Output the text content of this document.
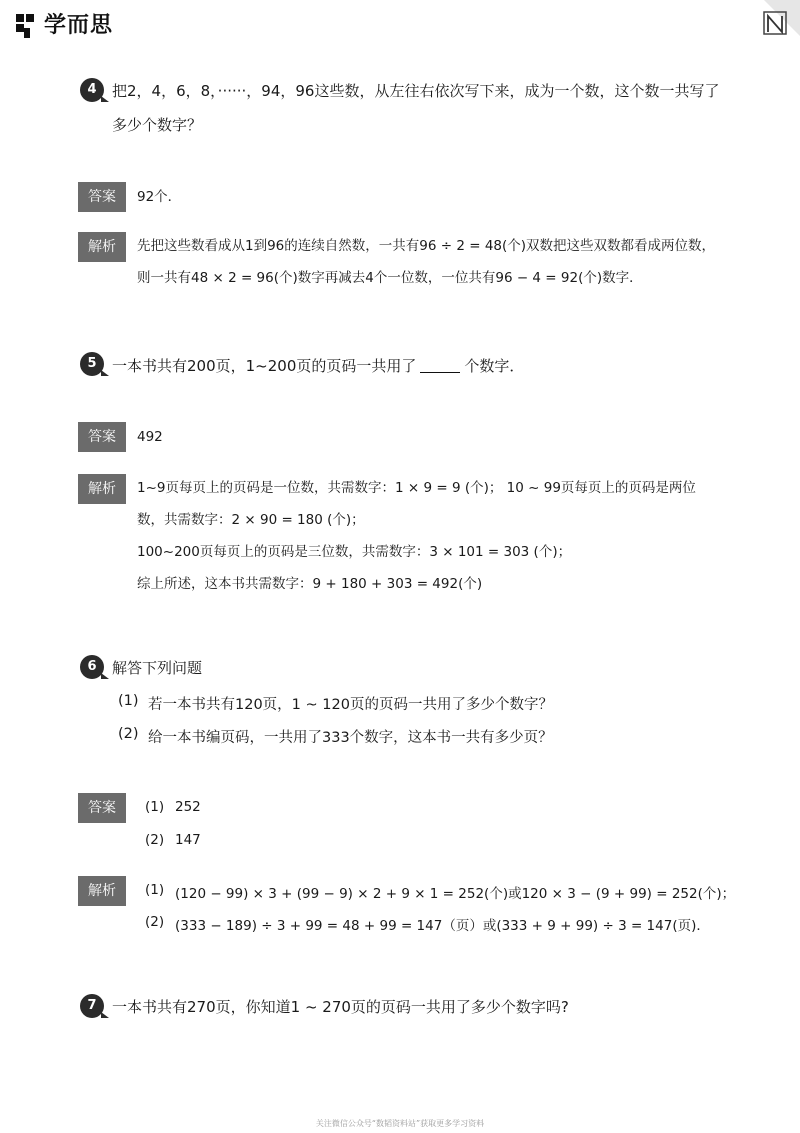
学而思
4	把2，4，6，8，······，94，96这些数，从左往右依次写下来，成为一个数，这个数一共写了多少个数字？
答案	92个．
解析	先把这些数看成从1到96的连续自然数，一共有96 ÷ 2 = 48(个)双数把这些双数都看成两位数，则一共有48 × 2 = 96(个)数字再减去4个一位数，一位共有96 − 4 = 92(个)数字．
5	一本书共有200页，1~200页的页码一共用了	个数字．
答案	492
解析	1~9页每页上的页码是一位数，共需数字：1 × 9 = 9 (个)； 10 ~ 99页每页上的页码是两位数，共需数字：2 × 90 = 180 (个)；
100~200页每页上的页码是三位数，共需数字：3 × 101 = 303 (个)；
综上所述，这本书共需数字：9 + 180 + 303 = 492(个)
6	解答下列问题
(1) 若一本书共有120页，1 ~ 120页的页码一共用了多少个数字？
(2) 给一本书编页码，一共用了333个数字，这本书一共有多少页？
答案	(1) 252
(2) 147
解析	(1) (120 − 99) × 3 + (99 − 9) × 2 + 9 × 1 = 252(个)或120 × 3 − (9 + 99) = 252(个)；
(2) (333 − 189) ÷ 3 + 99 = 48 + 99 = 147（页）或(333 + 9 + 99) ÷ 3 = 147(页)．
7	一本书共有270页，你知道1 ~ 270页的页码一共用了多少个数字吗?
关注微信公众号“数韬资料站”获取更多学习资料
